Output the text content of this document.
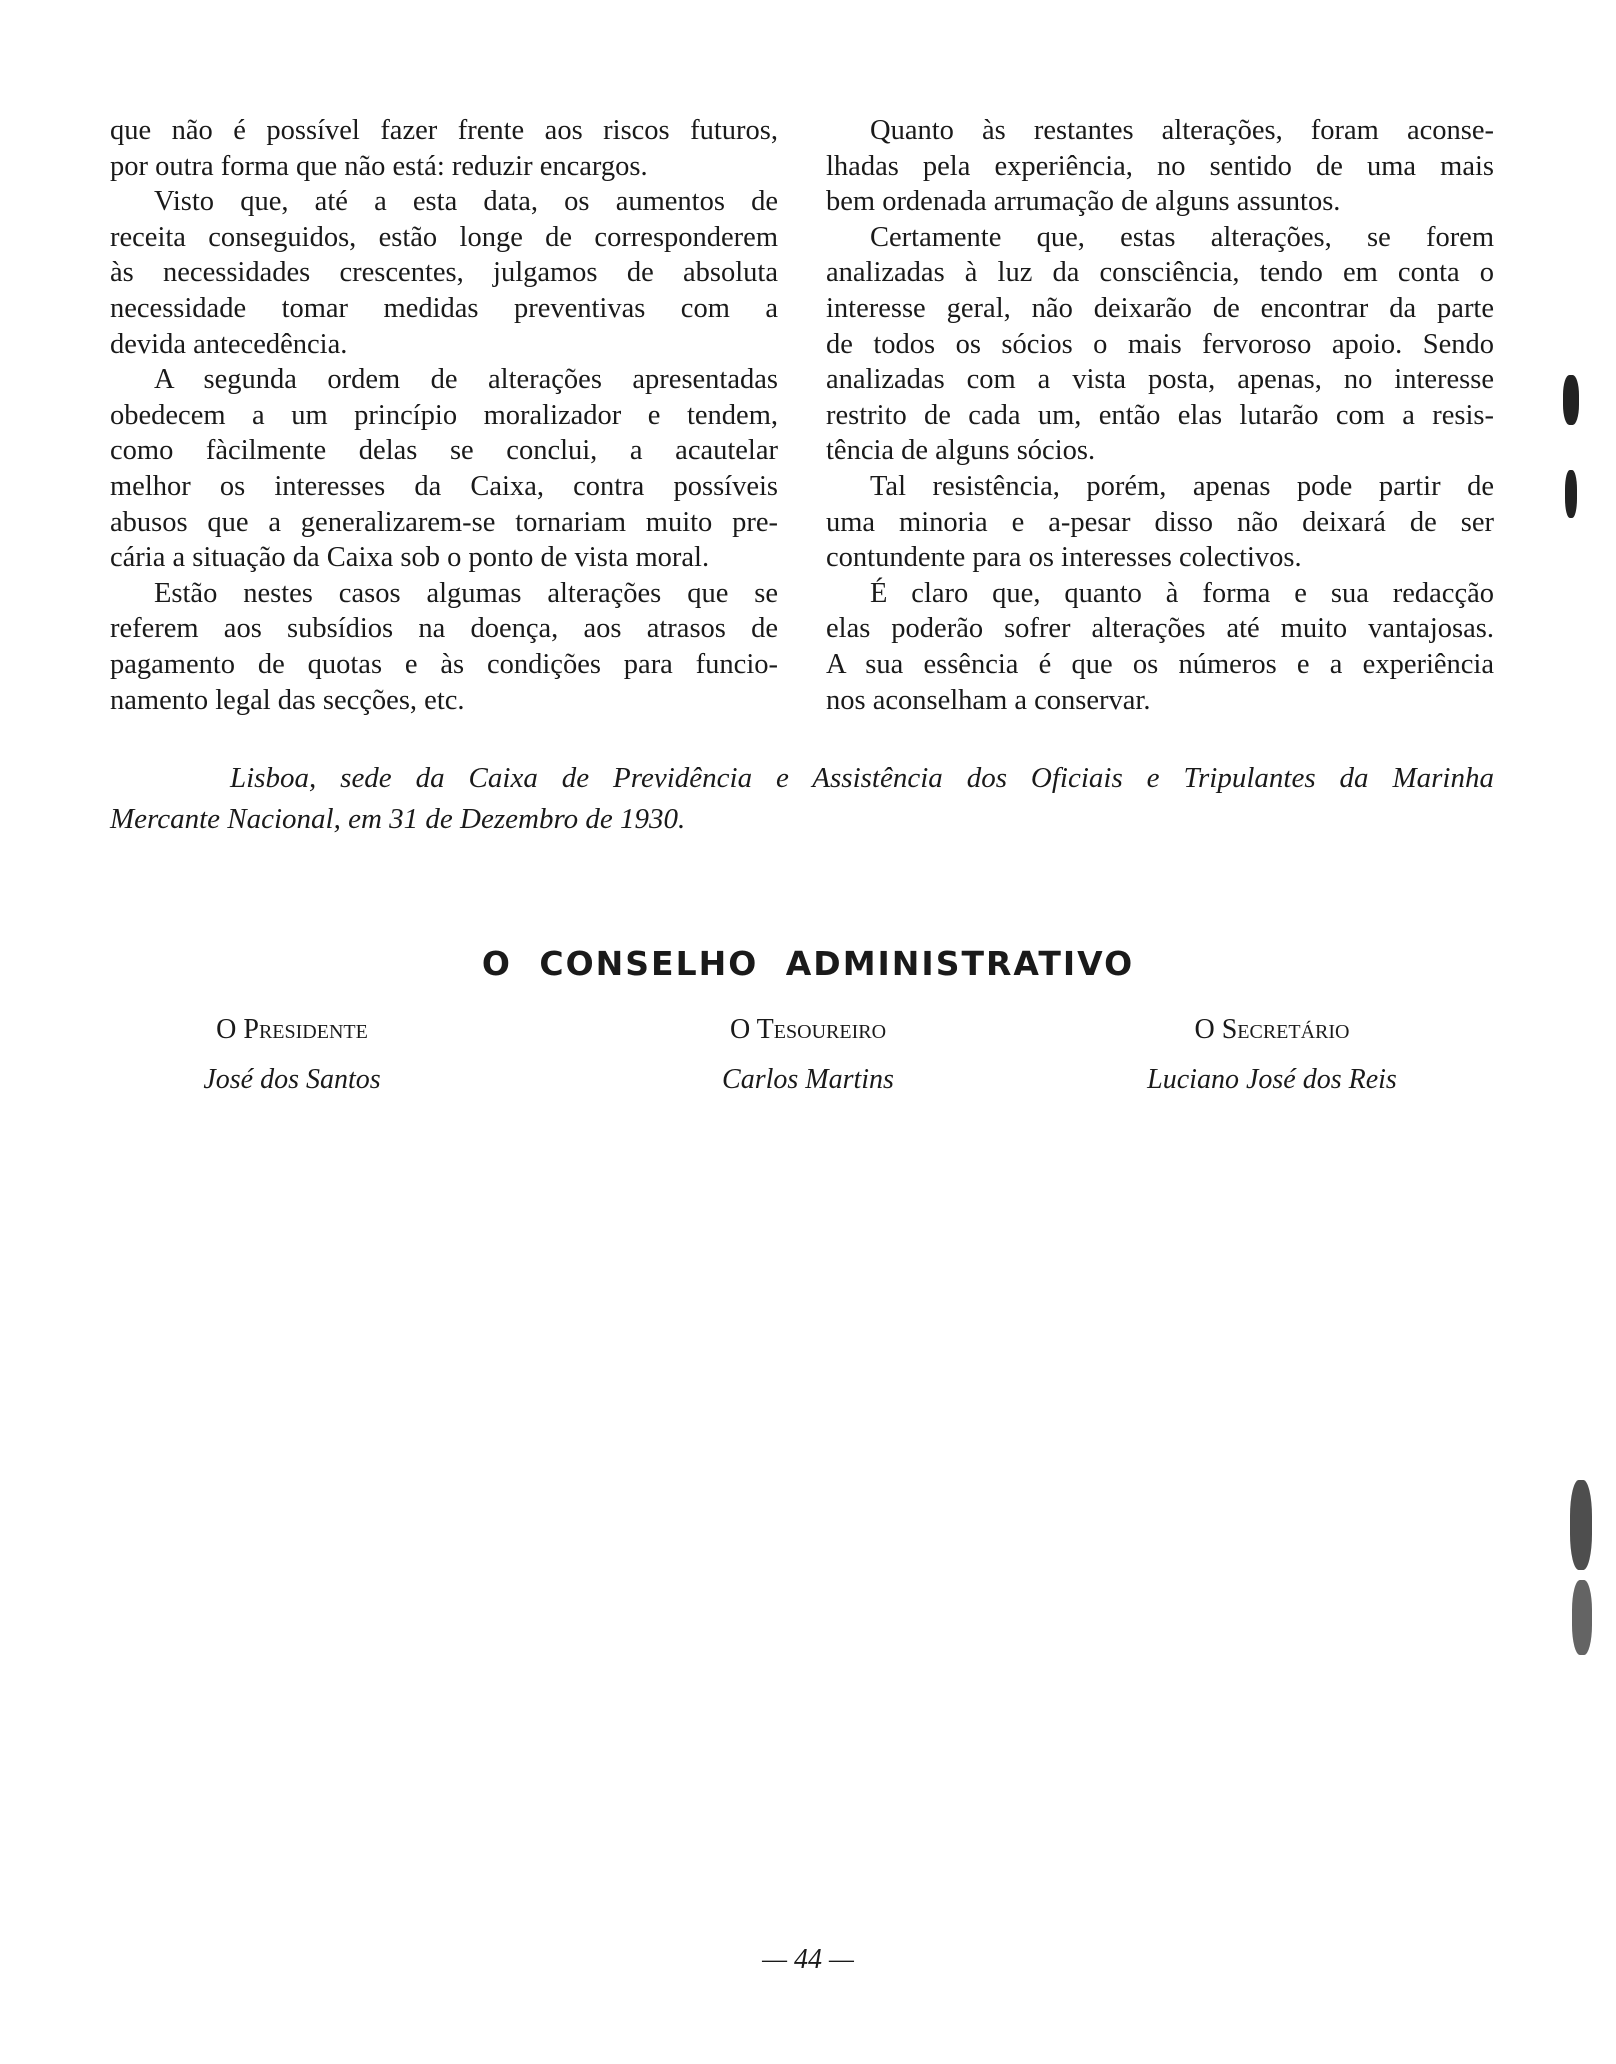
que não é possível fazer frente aos riscos futuros,
por outra forma que não está: reduzir encargos.
Visto que, até a esta data, os aumentos de
receita conseguidos, estão longe de corresponderem
às necessidades crescentes, julgamos de absoluta
necessidade tomar medidas preventivas com a
devida antecedência.
A segunda ordem de alterações apresentadas
obedecem a um princípio moralizador e tendem,
como fàcilmente delas se conclui, a acautelar
melhor os interesses da Caixa, contra possíveis
abusos que a generalizarem-se tornariam muito pre-
cária a situação da Caixa sob o ponto de vista moral.
Estão nestes casos algumas alterações que se
referem aos subsídios na doença, aos atrasos de
pagamento de quotas e às condições para funcio-
namento legal das secções, etc.
Quanto às restantes alterações, foram aconse-
lhadas pela experiência, no sentido de uma mais
bem ordenada arrumação de alguns assuntos.
Certamente que, estas alterações, se forem
analizadas à luz da consciência, tendo em conta o
interesse geral, não deixarão de encontrar da parte
de todos os sócios o mais fervoroso apoio. Sendo
analizadas com a vista posta, apenas, no interesse
restrito de cada um, então elas lutarão com a resis-
tência de alguns sócios.
Tal resistência, porém, apenas pode partir de
uma minoria e a-pesar disso não deixará de ser
contundente para os interesses colectivos.
É claro que, quanto à forma e sua redacção
elas poderão sofrer alterações até muito vantajosas.
A sua essência é que os números e a experiência
nos aconselham a conservar.
Lisboa, sede da Caixa de Previdência e Assistência dos Oficiais e Tripulantes da Marinha
Mercante Nacional, em 31 de Dezembro de 1930.
O CONSELHO ADMINISTRATIVO
O Presidente
José dos Santos
O Tesoureiro
Carlos Martins
O Secretário
Luciano José dos Reis
— 44 —
